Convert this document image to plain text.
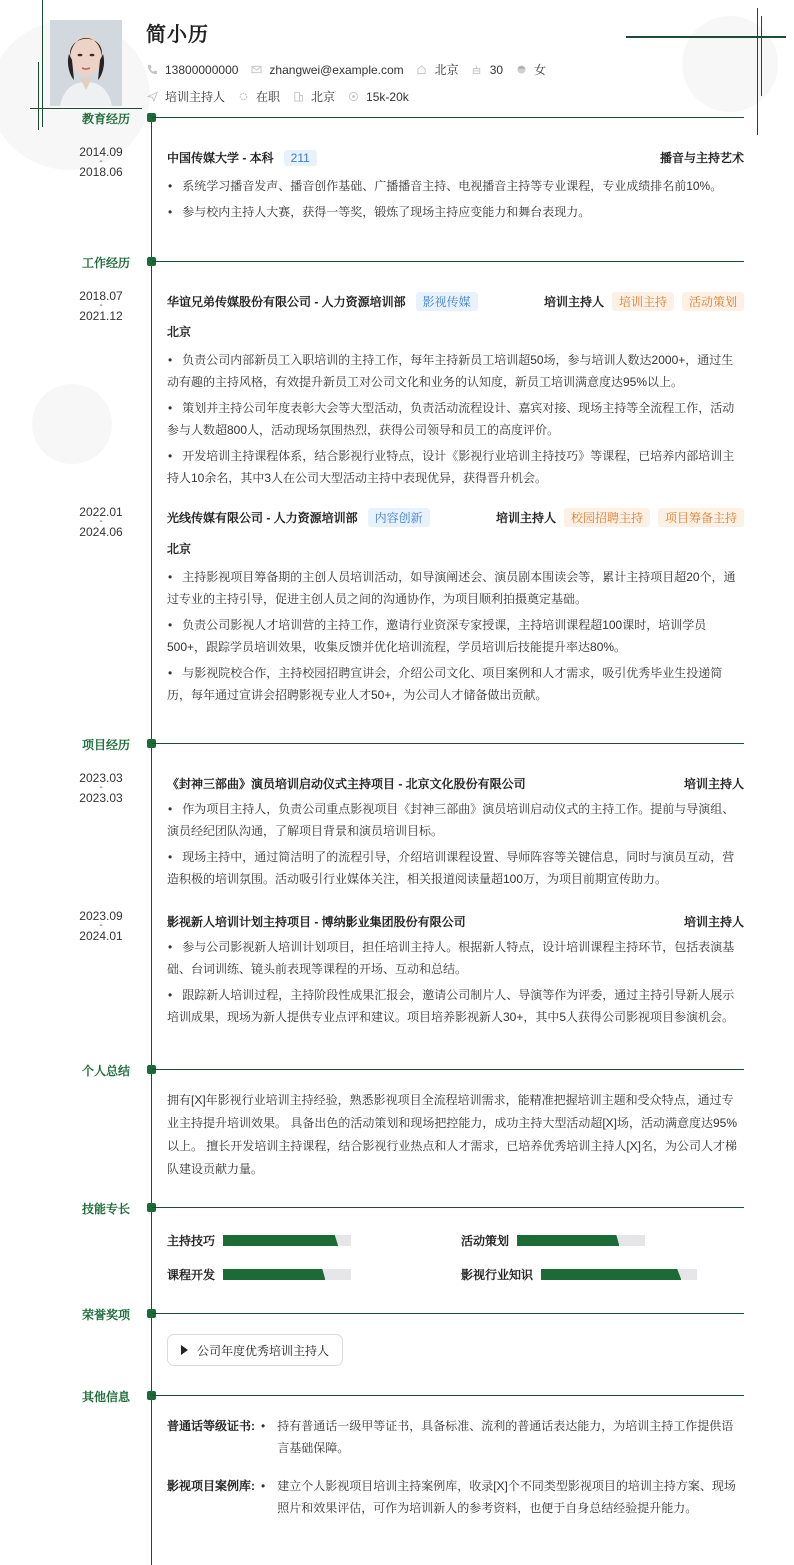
简小历
13800000000	zhangwei@example.com	北京	30	女
培训主持人	在职	北京	15k-20k
教育经历
2014.09
-
2018.06
中国传媒大学 - 本科	211	播音与主持艺术
• 系统学习播音发声、播音创作基础、广播播音主持、电视播音主持等专业课程，专业成绩排名前10%。
• 参与校内主持人大赛，获得一等奖，锻炼了现场主持应变能力和舞台表现力。
工作经历
2018.07
-
2021.12
华谊兄弟传媒股份有限公司 - 人力资源培训部	影视传媒	培训主持人	培训主持	活动策划
北京
• 负责公司内部新员工入职培训的主持工作，每年主持新员工培训超50场，参与培训人数达2000+，通过生动有趣的主持风格，有效提升新员工对公司文化和业务的认知度，新员工培训满意度达95%以上。
• 策划并主持公司年度表彰大会等大型活动，负责活动流程设计、嘉宾对接、现场主持等全流程工作，活动参与人数超800人，活动现场氛围热烈，获得公司领导和员工的高度评价。
• 开发培训主持课程体系，结合影视行业特点，设计《影视行业培训主持技巧》等课程，已培养内部培训主持人10余名，其中3人在公司大型活动主持中表现优异，获得晋升机会。
2022.01
-
2024.06
光线传媒有限公司 - 人力资源培训部	内容创新	培训主持人	校园招聘主持	项目筹备主持
北京
• 主持影视项目筹备期的主创人员培训活动，如导演阐述会、演员剧本围读会等，累计主持项目超20个，通过专业的主持引导，促进主创人员之间的沟通协作，为项目顺利拍摄奠定基础。
• 负责公司影视人才培训营的主持工作，邀请行业资深专家授课，主持培训课程超100课时，培训学员500+，跟踪学员培训效果，收集反馈并优化培训流程，学员培训后技能提升率达80%。
• 与影视院校合作，主持校园招聘宣讲会，介绍公司文化、项目案例和人才需求，吸引优秀毕业生投递简历，每年通过宣讲会招聘影视专业人才50+，为公司人才储备做出贡献。
项目经历
2023.03
-
2023.03
《封神三部曲》演员培训启动仪式主持项目 - 北京文化股份有限公司	培训主持人
• 作为项目主持人，负责公司重点影视项目《封神三部曲》演员培训启动仪式的主持工作。提前与导演组、演员经纪团队沟通，了解项目背景和演员培训目标。
• 现场主持中，通过简洁明了的流程引导，介绍培训课程设置、导师阵容等关键信息，同时与演员互动，营造积极的培训氛围。活动吸引行业媒体关注，相关报道阅读量超100万，为项目前期宣传助力。
2023.09
-
2024.01
影视新人培训计划主持项目 - 博纳影业集团股份有限公司	培训主持人
• 参与公司影视新人培训计划项目，担任培训主持人。根据新人特点，设计培训课程主持环节，包括表演基础、台词训练、镜头前表现等课程的开场、互动和总结。
• 跟踪新人培训过程，主持阶段性成果汇报会，邀请公司制片人、导演等作为评委，通过主持引导新人展示培训成果，现场为新人提供专业点评和建议。项目培养影视新人30+，其中5人获得公司影视项目参演机会。
个人总结
拥有[X]年影视行业培训主持经验，熟悉影视项目全流程培训需求，能精准把握培训主题和受众特点，通过专业主持提升培训效果。 具备出色的活动策划和现场把控能力，成功主持大型活动超[X]场，活动满意度达95%以上。 擅长开发培训主持课程，结合影视行业热点和人才需求，已培养优秀培训主持人[X]名，为公司人才梯队建设贡献力量。
技能专长
主持技巧	活动策划
课程开发	影视行业知识
荣誉奖项
公司年度优秀培训主持人
其他信息
普通话等级证书: • 持有普通话一级甲等证书，具备标准、流利的普通话表达能力，为培训主持工作提供语言基础保障。
影视项目案例库: • 建立个人影视项目培训主持案例库，收录[X]个不同类型影视项目的培训主持方案、现场照片和效果评估，可作为培训新人的参考资料，也便于自身总结经验提升能力。
